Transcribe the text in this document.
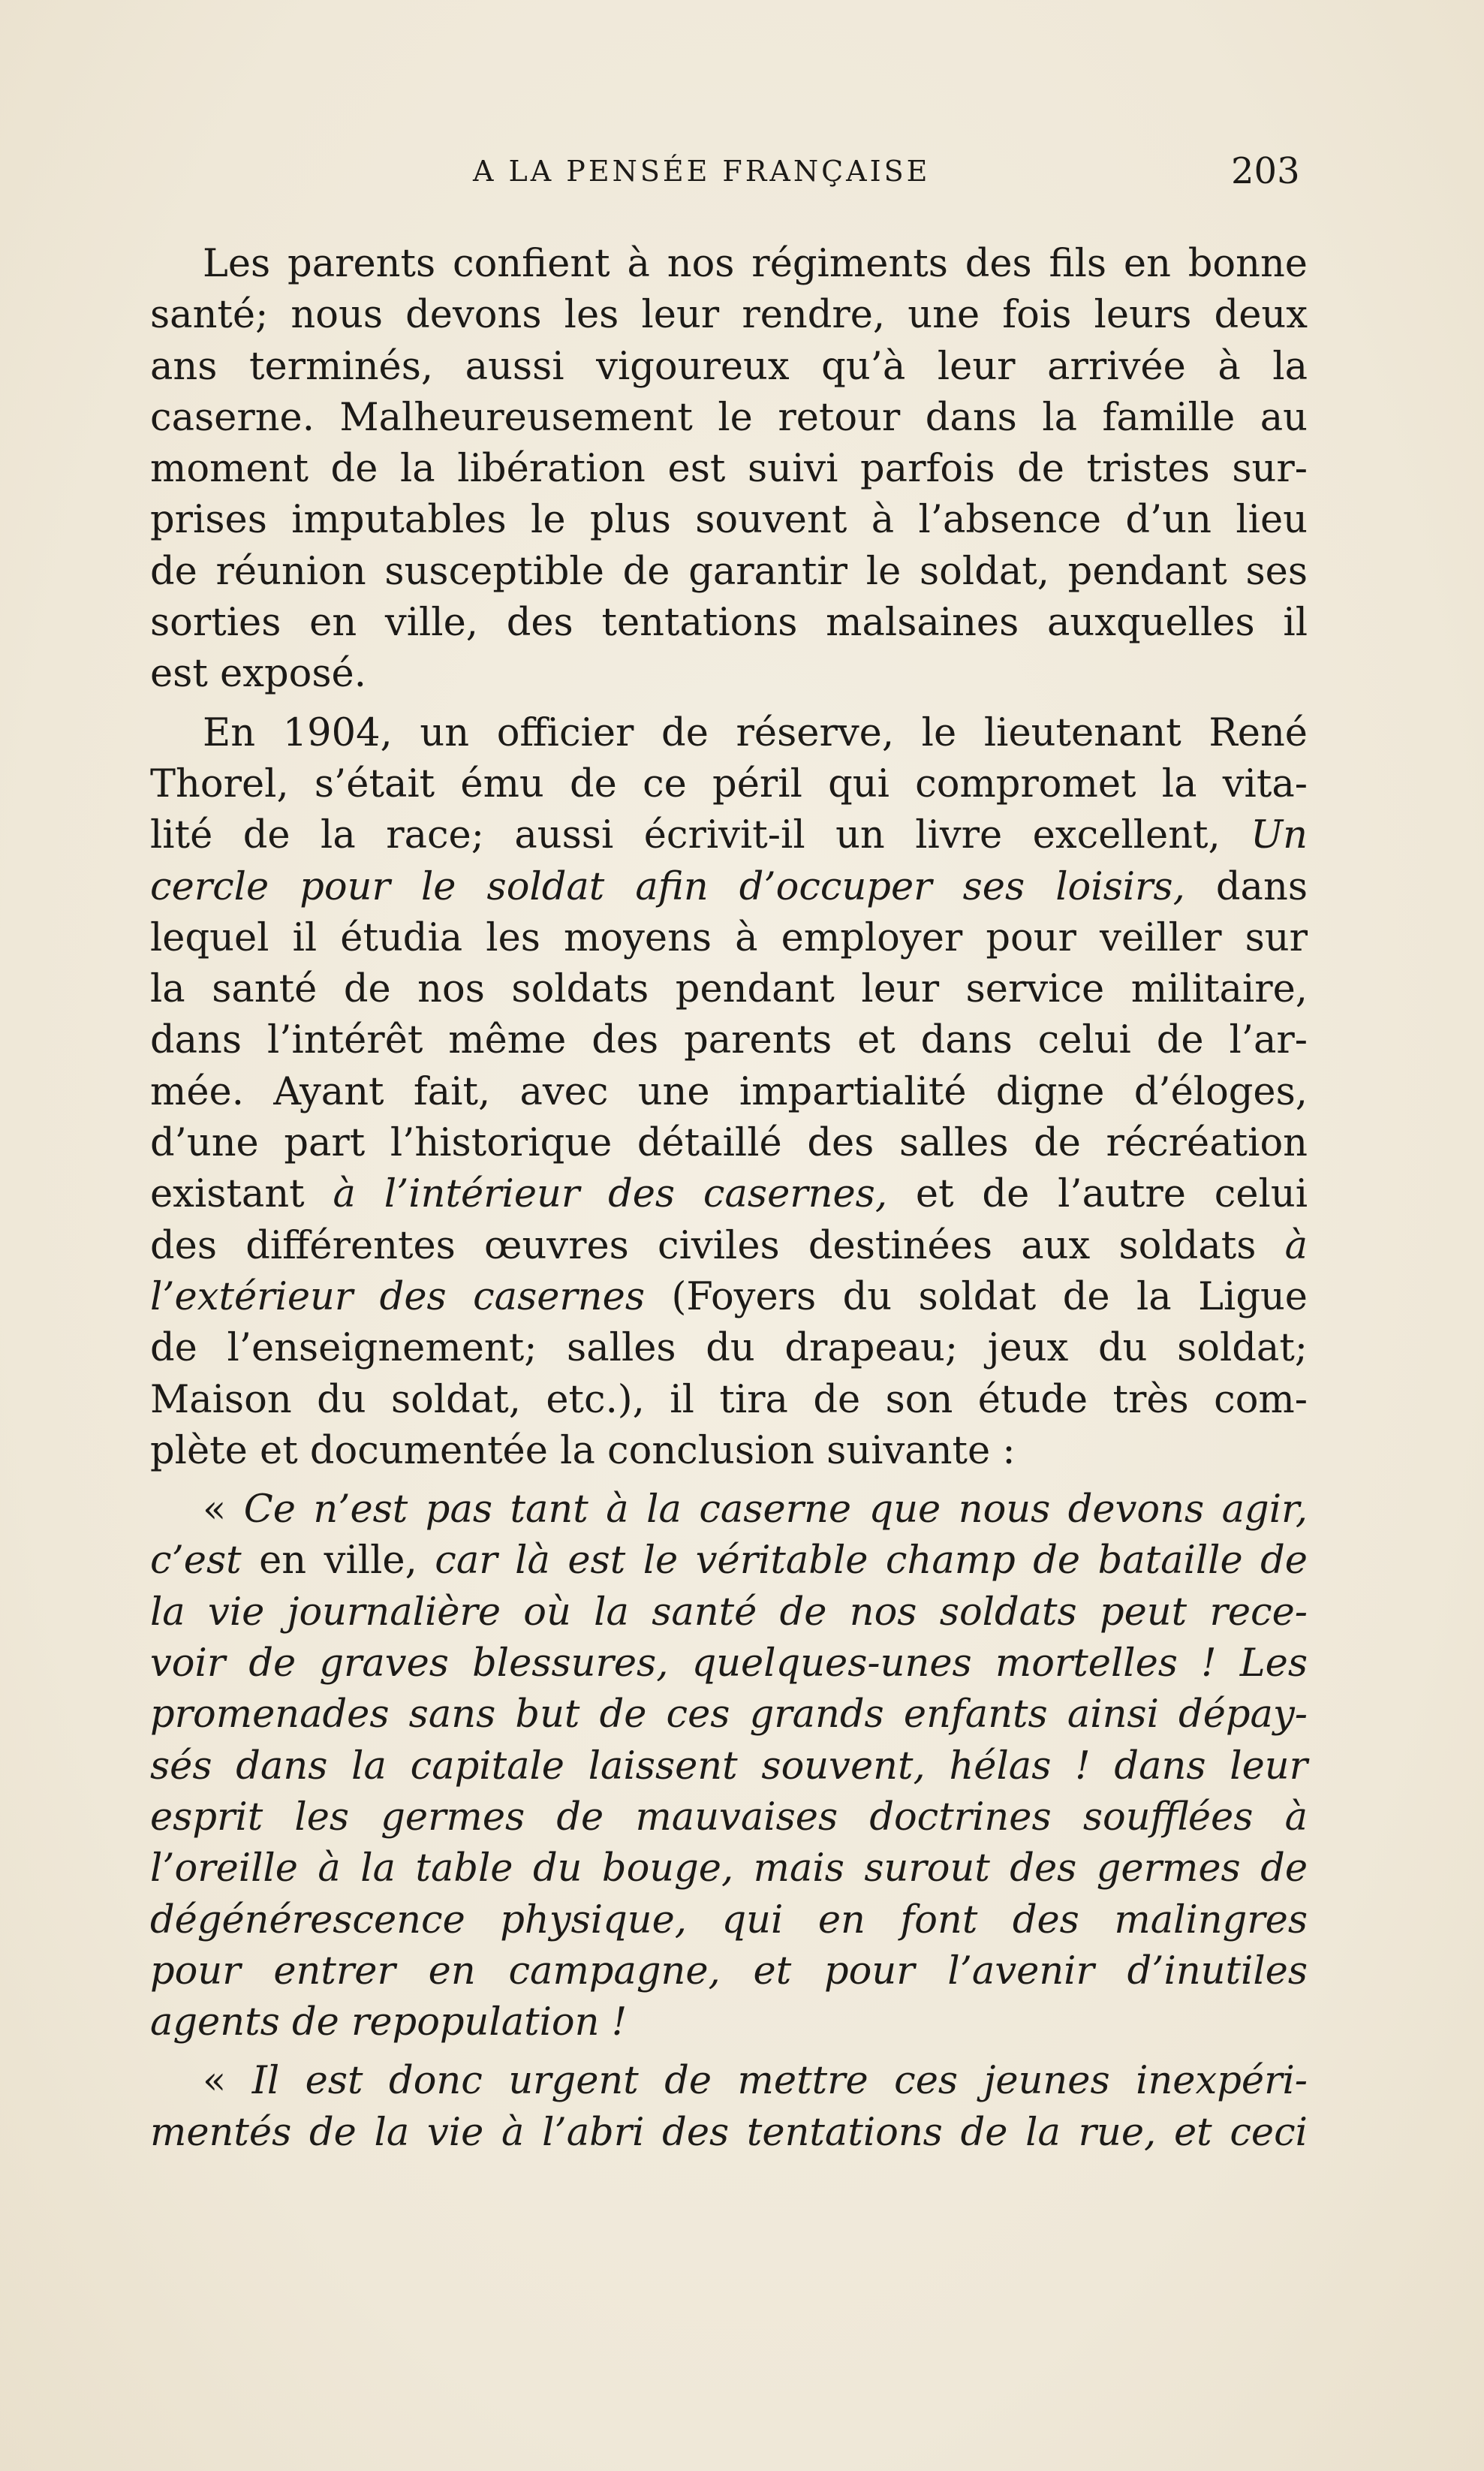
A LA PENSÉE FRANÇAISE	203
Les parents confient à nos régiments des fils en bonne
santé; nous devons les leur rendre, une fois leurs deux
ans terminés, aussi vigoureux qu’à leur arrivée à la
caserne. Malheureusement le retour dans la famille au
moment de la libération est suivi parfois de tristes sur-
prises imputables le plus souvent à l’absence d’un lieu
de réunion susceptible de garantir le soldat, pendant ses
sorties en ville, des tentations malsaines auxquelles il
est exposé.
En 1904, un officier de réserve, le lieutenant René
Thorel, s’était ému de ce péril qui compromet la vita-
lité de la race; aussi écrivit-il un livre excellent, Un
cercle pour le soldat afin d’occuper ses loisirs, dans
lequel il étudia les moyens à employer pour veiller sur
la santé de nos soldats pendant leur service militaire,
dans l’intérêt même des parents et dans celui de l’ar-
mée. Ayant fait, avec une impartialité digne d’éloges,
d’une part l’historique détaillé des salles de récréation
existant à l’intérieur des casernes, et de l’autre celui
des différentes œuvres civiles destinées aux soldats à
l’extérieur des casernes (Foyers du soldat de la Ligue
de l’enseignement; salles du drapeau; jeux du soldat;
Maison du soldat, etc.), il tira de son étude très com-
plète et documentée la conclusion suivante :
« Ce n’est pas tant à la caserne que nous devons agir,
c’est en ville, car là est le véritable champ de bataille de
la vie journalière où la santé de nos soldats peut rece-
voir de graves blessures, quelques-unes mortelles ! Les
promenades sans but de ces grands enfants ainsi dépay-
sés dans la capitale laissent souvent, hélas ! dans leur
esprit les germes de mauvaises doctrines soufflées à
l’oreille à la table du bouge, mais surout des germes de
dégénérescence physique, qui en font des malingres
pour entrer en campagne, et pour l’avenir d’inutiles
agents de repopulation !
« Il est donc urgent de mettre ces jeunes inexpéri-
mentés de la vie à l’abri des tentations de la rue, et ceci
